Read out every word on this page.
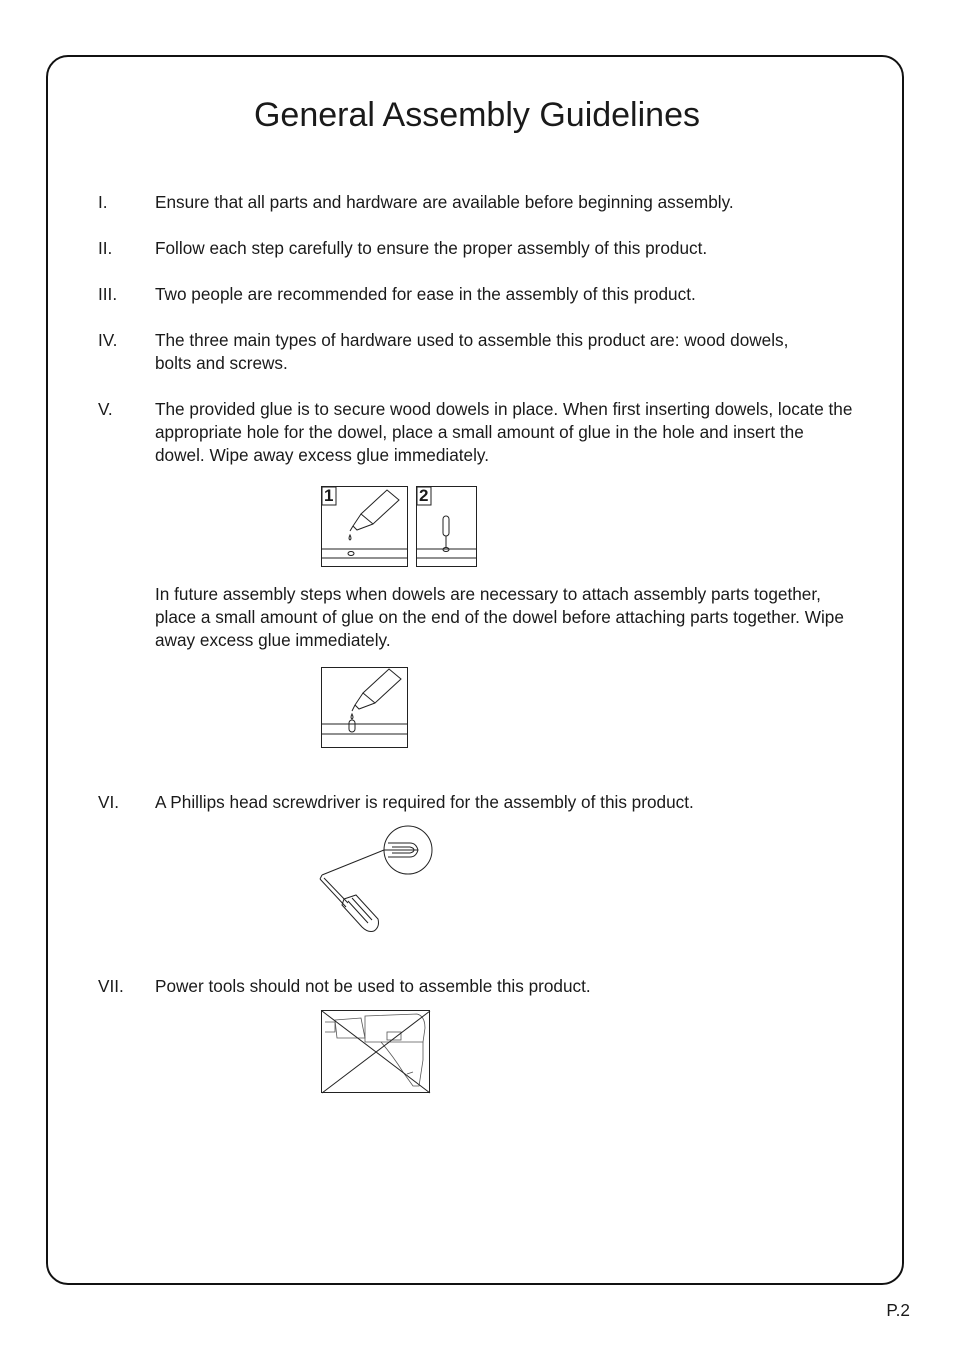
General Assembly Guidelines
I.	Ensure that all parts and hardware are available before beginning assembly.
II.	Follow each step carefully to ensure the proper assembly of this product.
III.	Two people are recommended for ease in the assembly of this product.
IV.	The three main types of hardware used to assemble this product are: wood dowels, bolts and screws.
V.	The provided glue is to secure wood dowels in place. When first inserting dowels, locate the appropriate hole for the dowel, place a small amount of glue in the hole and insert the dowel. Wipe away excess glue immediately.
1	2
In future assembly steps when dowels are necessary to attach assembly parts together, place a small amount of glue on the end of the dowel before attaching parts together. Wipe away excess glue immediately.
VI.	A Phillips head screwdriver is required for the assembly of this product.
VII.	Power tools should not be used to assemble this product.
P.2
